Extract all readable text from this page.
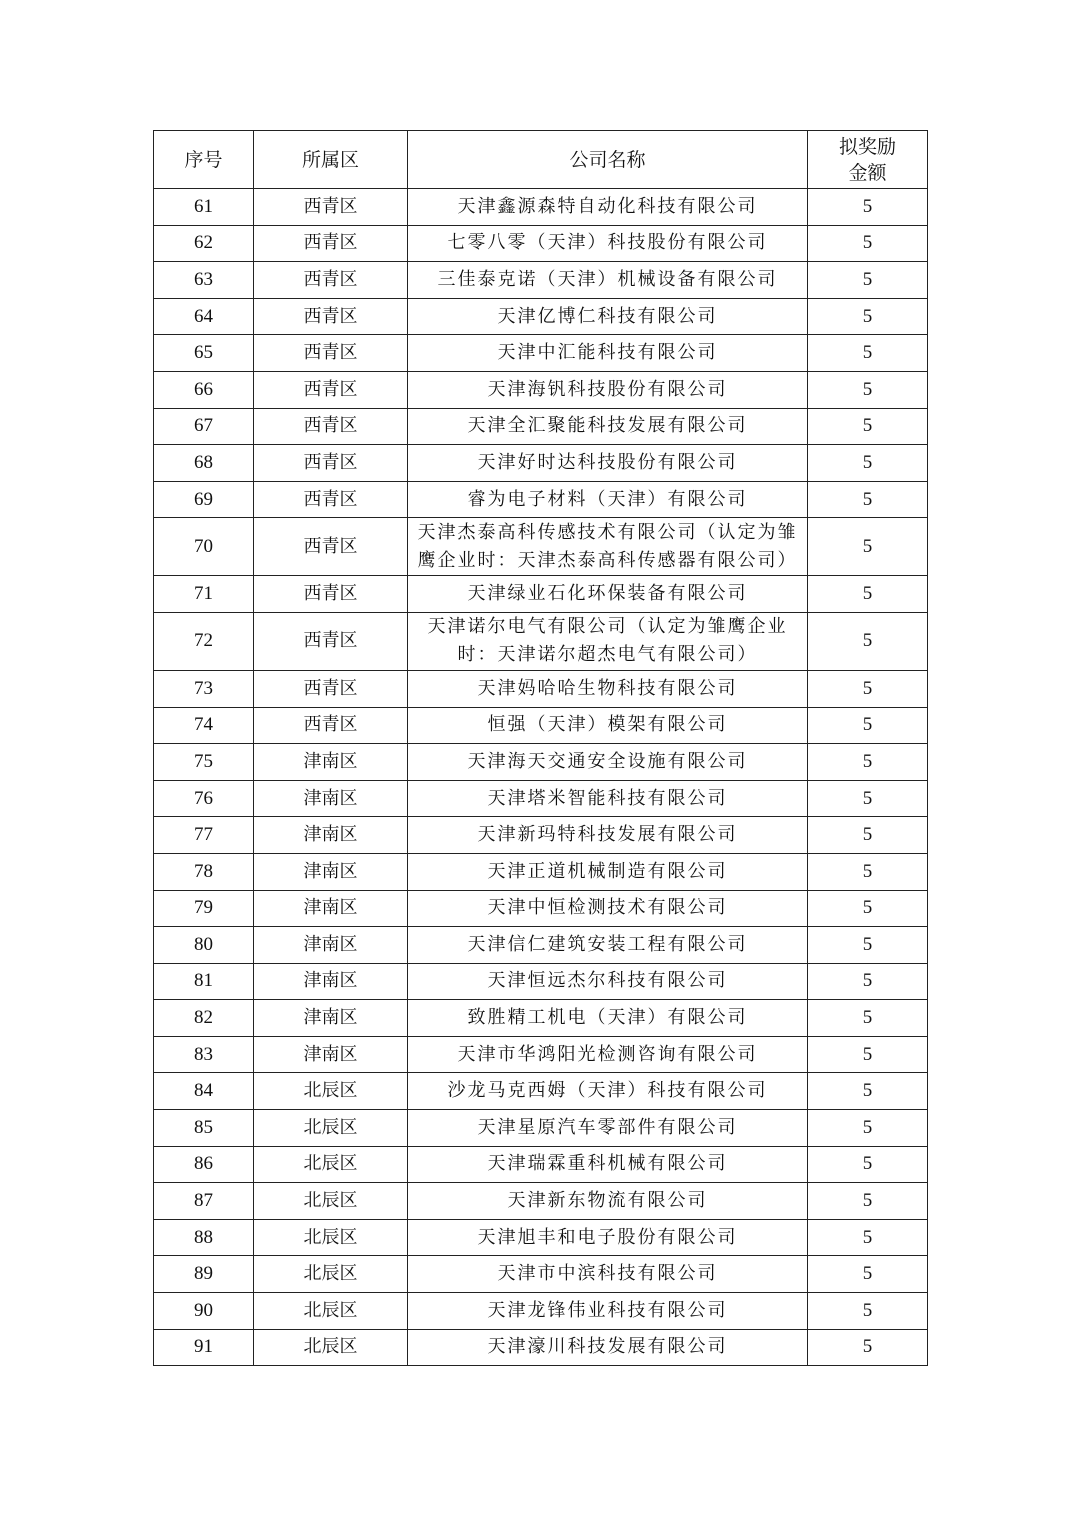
序号	所属区	公司名称	拟奖励
金额

61	西青区	天津鑫源森特自动化科技有限公司	5
62	西青区	七零八零（天津）科技股份有限公司	5
63	西青区	三佳泰克诺（天津）机械设备有限公司	5
64	西青区	天津亿博仁科技有限公司	5
65	西青区	天津中汇能科技有限公司	5
66	西青区	天津海钒科技股份有限公司	5
67	西青区	天津全汇聚能科技发展有限公司	5
68	西青区	天津好时达科技股份有限公司	5
69	西青区	睿为电子材料（天津）有限公司	5
70	西青区	天津杰泰高科传感技术有限公司（认定为雏
鹰企业时：天津杰泰高科传感器有限公司）	5
71	西青区	天津绿业石化环保装备有限公司	5
72	西青区	天津诺尔电气有限公司（认定为雏鹰企业
时：天津诺尔超杰电气有限公司）	5
73	西青区	天津妈哈哈生物科技有限公司	5
74	西青区	恒强（天津）模架有限公司	5
75	津南区	天津海天交通安全设施有限公司	5
76	津南区	天津塔米智能科技有限公司	5
77	津南区	天津新玛特科技发展有限公司	5
78	津南区	天津正道机械制造有限公司	5
79	津南区	天津中恒检测技术有限公司	5
80	津南区	天津信仁建筑安装工程有限公司	5
81	津南区	天津恒远杰尔科技有限公司	5
82	津南区	致胜精工机电（天津）有限公司	5
83	津南区	天津市华鸿阳光检测咨询有限公司	5
84	北辰区	沙龙马克西姆（天津）科技有限公司	5
85	北辰区	天津星原汽车零部件有限公司	5
86	北辰区	天津瑞霖重科机械有限公司	5
87	北辰区	天津新东物流有限公司	5
88	北辰区	天津旭丰和电子股份有限公司	5
89	北辰区	天津市中滨科技有限公司	5
90	北辰区	天津龙锋伟业科技有限公司	5
91	北辰区	天津濠川科技发展有限公司	5
